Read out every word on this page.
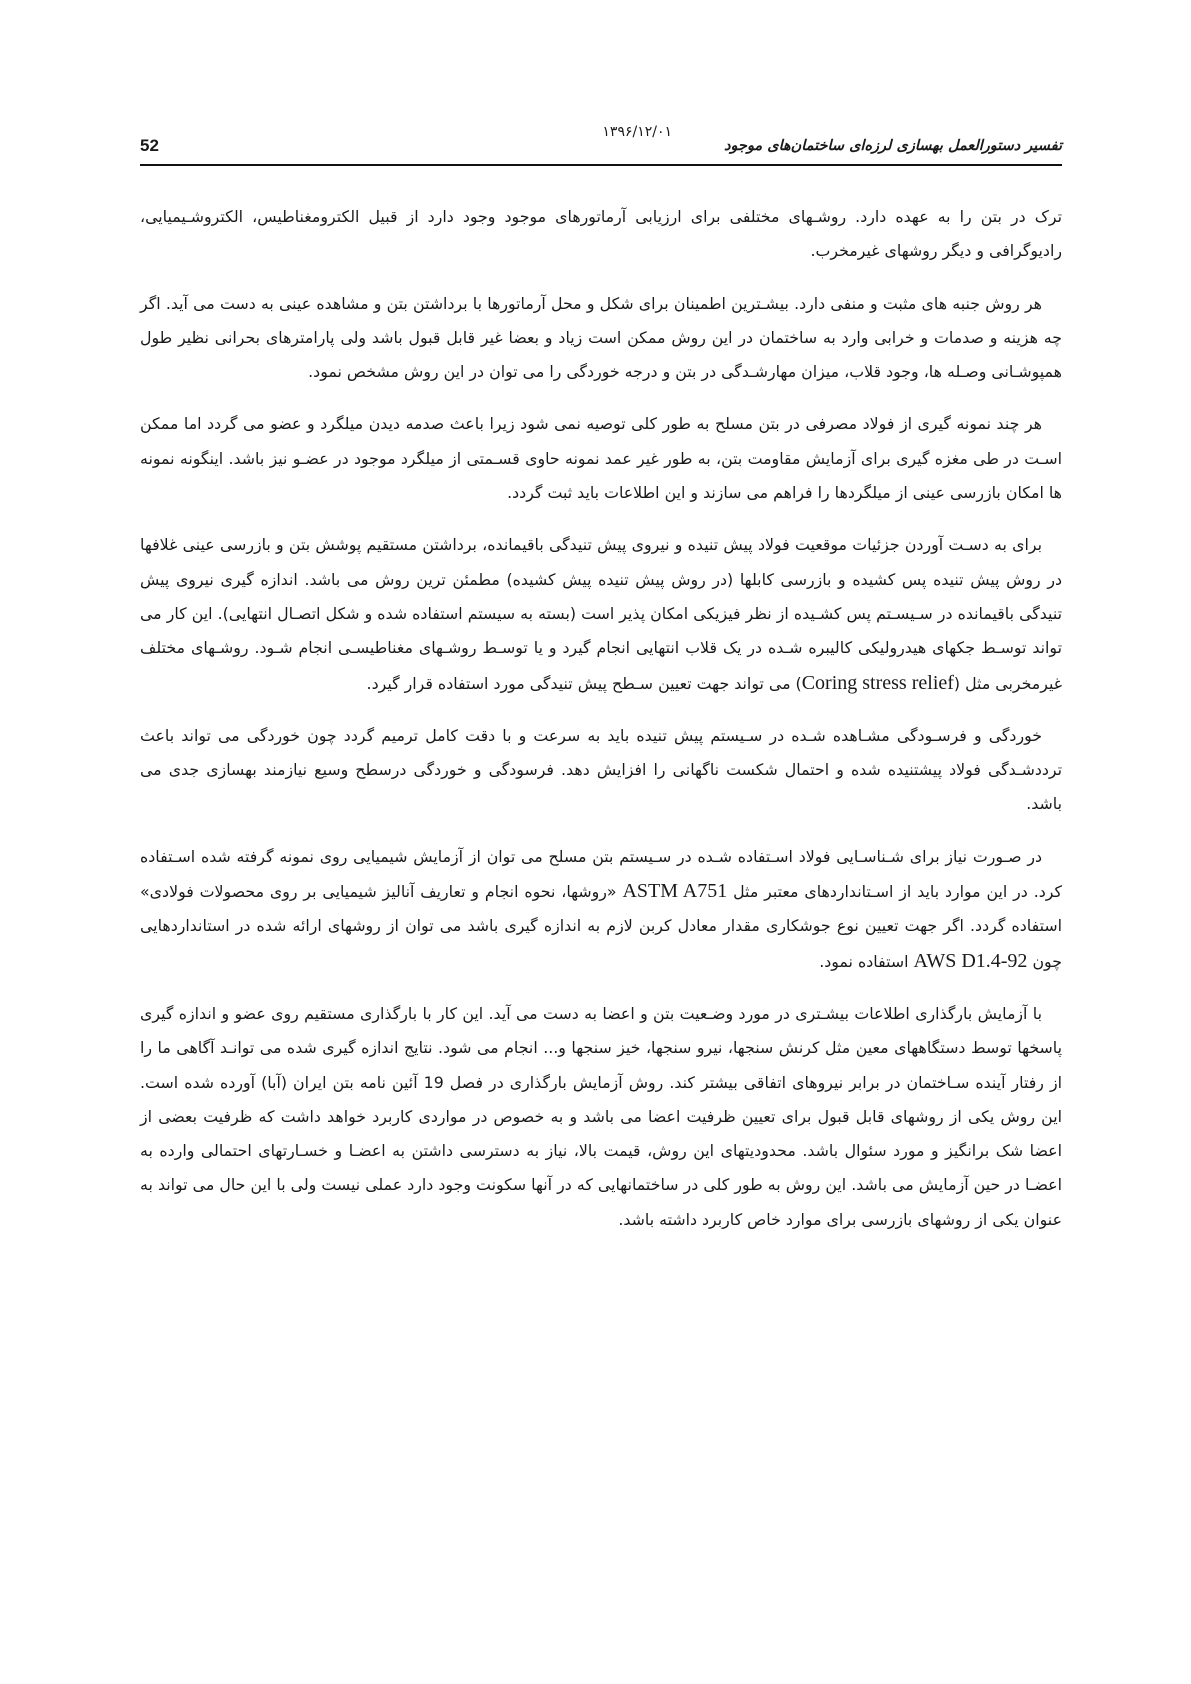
52
۱۳۹۶/۱۲/۰۱
تفسیر دستورالعمل بهسازی لرزه‌ای ساختمان‌های موجود

ترک در بتن را به عهده دارد. روشـهای مختلفی برای ارزیابی آرماتورهای موجود وجود دارد از قبیل الکترومغناطیس، الکتروشـیمیایی، رادیوگرافی و دیگر روشهای غیرمخرب.

هر روش جنبه های مثبت و منفی دارد. بیشـترین اطمینان برای شکل و محل آرماتورها با برداشتن بتن و مشاهده عینی به دست می آید. اگر چه هزینه و صدمات و خرابی وارد به ساختمان در این روش ممکن است زیاد و بعضا غیر قابل قبول باشد ولی پارامترهای بحرانی نظیر طول همپوشـانی وصـله ها، وجود قلاب، میزان مهارشـدگی در بتن و درجه خوردگی را می توان در این روش مشخص نمود.

هر چند نمونه گیری از فولاد مصرفی در بتن مسلح به طور کلی توصیه نمی شود زیرا باعث صدمه دیدن میلگرد و عضو می گردد اما ممکن اسـت در طی مغزه گیری برای آزمایش مقاومت بتن، به طور غیر عمد نمونه حاوی قسـمتی از میلگرد موجود در عضـو نیز باشد. اینگونه نمونه ها امکان بازرسی عینی از میلگردها را فراهم می سازند و این اطلاعات باید ثبت گردد.

برای به دسـت آوردن جزئیات موقعیت فولاد پیش تنیده و نیروی پیش تنیدگی باقیمانده، برداشتن مستقیم پوشش بتن و بازرسی عینی غلافها در روش پیش تنیده پس کشیده و بازرسی کابلها (در روش پیش تنیده پیش کشیده) مطمئن ترین روش می باشد. اندازه گیری نیروی پیش تنیدگی باقیمانده در سـیسـتم پس کشـیده از نظر فیزیکی امکان پذیر است (بسته به سیستم استفاده شده و شکل اتصـال انتهایی). این کار می تواند توسـط جکهای هیدرولیکی کالیبره شـده در یک قلاب انتهایی انجام گیرد و یا توسـط روشـهای مغناطیسـی انجام شـود. روشـهای مختلف غیرمخربی مثل (Coring stress relief) می تواند جهت تعیین سـطح پیش تنیدگی مورد استفاده قرار گیرد.

خوردگی و فرسـودگی مشـاهده شـده در سـیستم پیش تنیده باید به سرعت و با دقت کامل ترمیم گردد چون خوردگی می تواند باعث ترددشـدگی فولاد پیشتنیده شده و احتمال شکست ناگهانی را افزایش دهد. فرسودگی و خوردگی درسطح وسیع نیازمند بهسازی جدی می باشد.

در صـورت نیاز برای شـناسـایی فولاد اسـتفاده شـده در سـیستم بتن مسلح می توان از آزمایش شیمیایی روی نمونه گرفته شده اسـتفاده کرد. در این موارد باید از اسـتانداردهای معتبر مثل ASTM A751 «روشها، نحوه انجام و تعاریف آنالیز شیمیایی بر روی محصولات فولادی» استفاده گردد. اگر جهت تعیین نوع جوشکاری مقدار معادل کربن لازم به اندازه گیری باشد می توان از روشهای ارائه شده در استانداردهایی چون AWS D1.4-92 استفاده نمود.

با آزمایش بارگذاری اطلاعات بیشـتری در مورد وضـعیت بتن و اعضا به دست می آید. این کار با بارگذاری مستقیم روی عضو و اندازه گیری پاسخها توسط دستگاههای معین مثل کرنش سنجها، نیرو سنجها، خیز سنجها و... انجام می شود. نتایج اندازه گیری شده می توانـد آگاهی ما را از رفتار آینده سـاختمان در برابر نیروهای اتفاقی بیشتر کند. روش آزمایش بارگذاری در فصل 19 آئین نامه بتن ایران (آبا) آورده شده است. این روش یکی از روشهای قابل قبول برای تعیین ظرفیت اعضا می باشد و به خصوص در مواردی کاربرد خواهد داشت که ظرفیت بعضی از اعضا شک برانگیز و مورد سئوال باشد. محدودیتهای این روش، قیمت بالا، نیاز به دسترسی داشتن به اعضـا و خسـارتهای احتمالی وارده به اعضـا در حین آزمایش می باشد. این روش به طور کلی در ساختمانهایی که در آنها سکونت وجود دارد عملی نیست ولی با این حال می تواند به عنوان یکی از روشهای بازرسی برای موارد خاص کاربرد داشته باشد.
